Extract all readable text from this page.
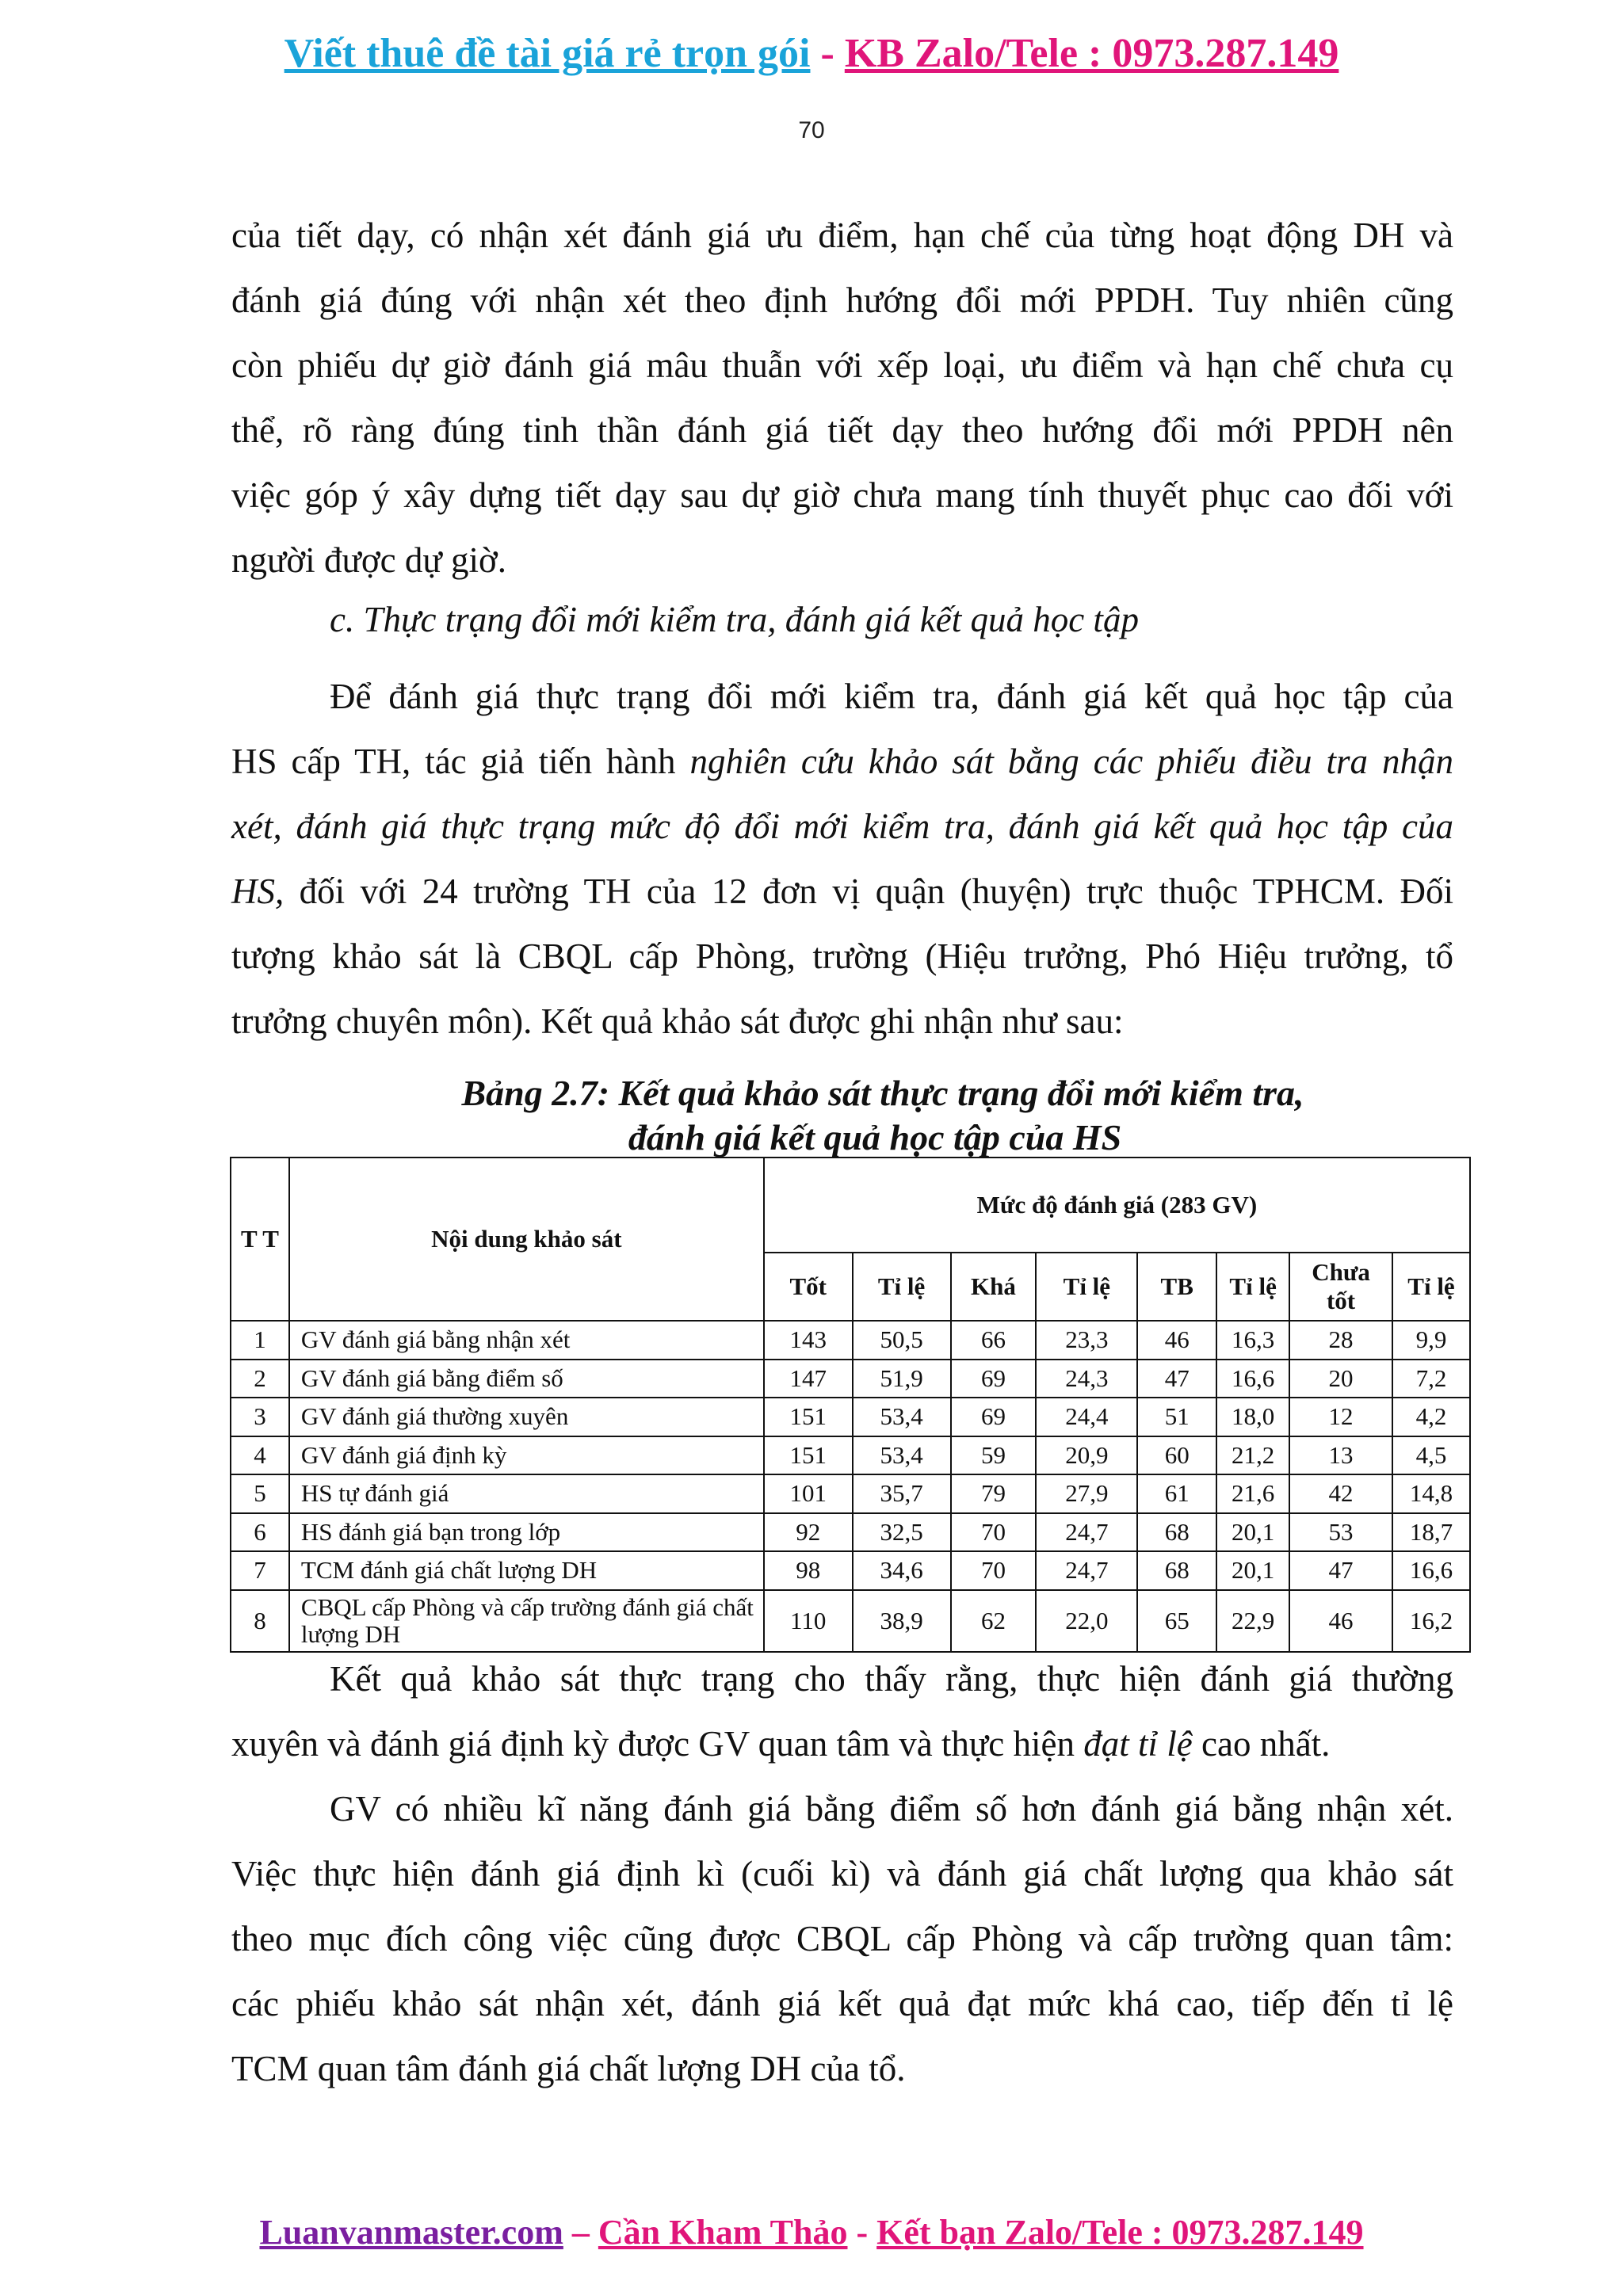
Viết thuê đề tài giá rẻ trọn gói - KB Zalo/Tele : 0973.287.149
70
của tiết dạy, có nhận xét đánh giá ưu điểm, hạn chế của từng hoạt động DH và
đánh giá đúng với nhận xét theo định hướng đổi mới PPDH. Tuy nhiên cũng
còn phiếu dự giờ đánh giá mâu thuẫn với xếp loại, ưu điểm và hạn chế chưa cụ
thể, rõ ràng đúng tinh thần đánh giá tiết dạy theo hướng đổi mới PPDH nên
việc góp ý xây dựng tiết dạy sau dự giờ chưa mang tính thuyết phục cao đối với
người được dự giờ.
c. Thực trạng đổi mới kiểm tra, đánh giá kết quả học tập
Để đánh giá thực trạng đổi mới kiểm tra, đánh giá kết quả học tập của
HS cấp TH, tác giả tiến hành nghiên cứu khảo sát bằng các phiếu điều tra nhận
xét, đánh giá thực trạng mức độ đổi mới kiểm tra, đánh giá kết quả học tập của
HS, đối với 24 trường TH của 12 đơn vị quận (huyện) trực thuộc TPHCM. Đối
tượng khảo sát là CBQL cấp Phòng, trường (Hiệu trưởng, Phó Hiệu trưởng, tổ
trưởng chuyên môn). Kết quả khảo sát được ghi nhận như sau:
Bảng 2.7: Kết quả khảo sát thực trạng đổi mới kiểm tra,
đánh giá kết quả học tập của HS
T T	Nội dung khảo sát	Mức độ đánh giá (283 GV)							
		Tốt	Tỉ lệ	Khá	Tỉ lệ	TB	Tỉ lệ	Chưa tốt	Tỉ lệ
1	GV đánh giá bằng nhận xét	143	50,5	66	23,3	46	16,3	28	9,9
2	GV đánh giá bằng điểm số	147	51,9	69	24,3	47	16,6	20	7,2
3	GV đánh giá thường xuyên	151	53,4	69	24,4	51	18,0	12	4,2
4	GV đánh giá định kỳ	151	53,4	59	20,9	60	21,2	13	4,5
5	HS tự đánh giá	101	35,7	79	27,9	61	21,6	42	14,8
6	HS đánh giá bạn trong lớp	92	32,5	70	24,7	68	20,1	53	18,7
7	TCM đánh giá chất lượng DH	98	34,6	70	24,7	68	20,1	47	16,6
8	CBQL cấp Phòng và cấp trường đánh giá chất lượng DH	110	38,9	62	22,0	65	22,9	46	16,2
Kết quả khảo sát thực trạng cho thấy rằng, thực hiện đánh giá thường
xuyên và đánh giá định kỳ được GV quan tâm và thực hiện đạt tỉ lệ cao nhất.
GV có nhiều kĩ năng đánh giá bằng điểm số hơn đánh giá bằng nhận xét.
Việc thực hiện đánh giá định kì (cuối kì) và đánh giá chất lượng qua khảo sát
theo mục đích công việc cũng được CBQL cấp Phòng và cấp trường quan tâm:
các phiếu khảo sát nhận xét, đánh giá kết quả đạt mức khá cao, tiếp đến tỉ lệ
TCM quan tâm đánh giá chất lượng DH của tổ.
Luanvanmaster.com – Cần Kham Thảo - Kết bạn Zalo/Tele : 0973.287.149
